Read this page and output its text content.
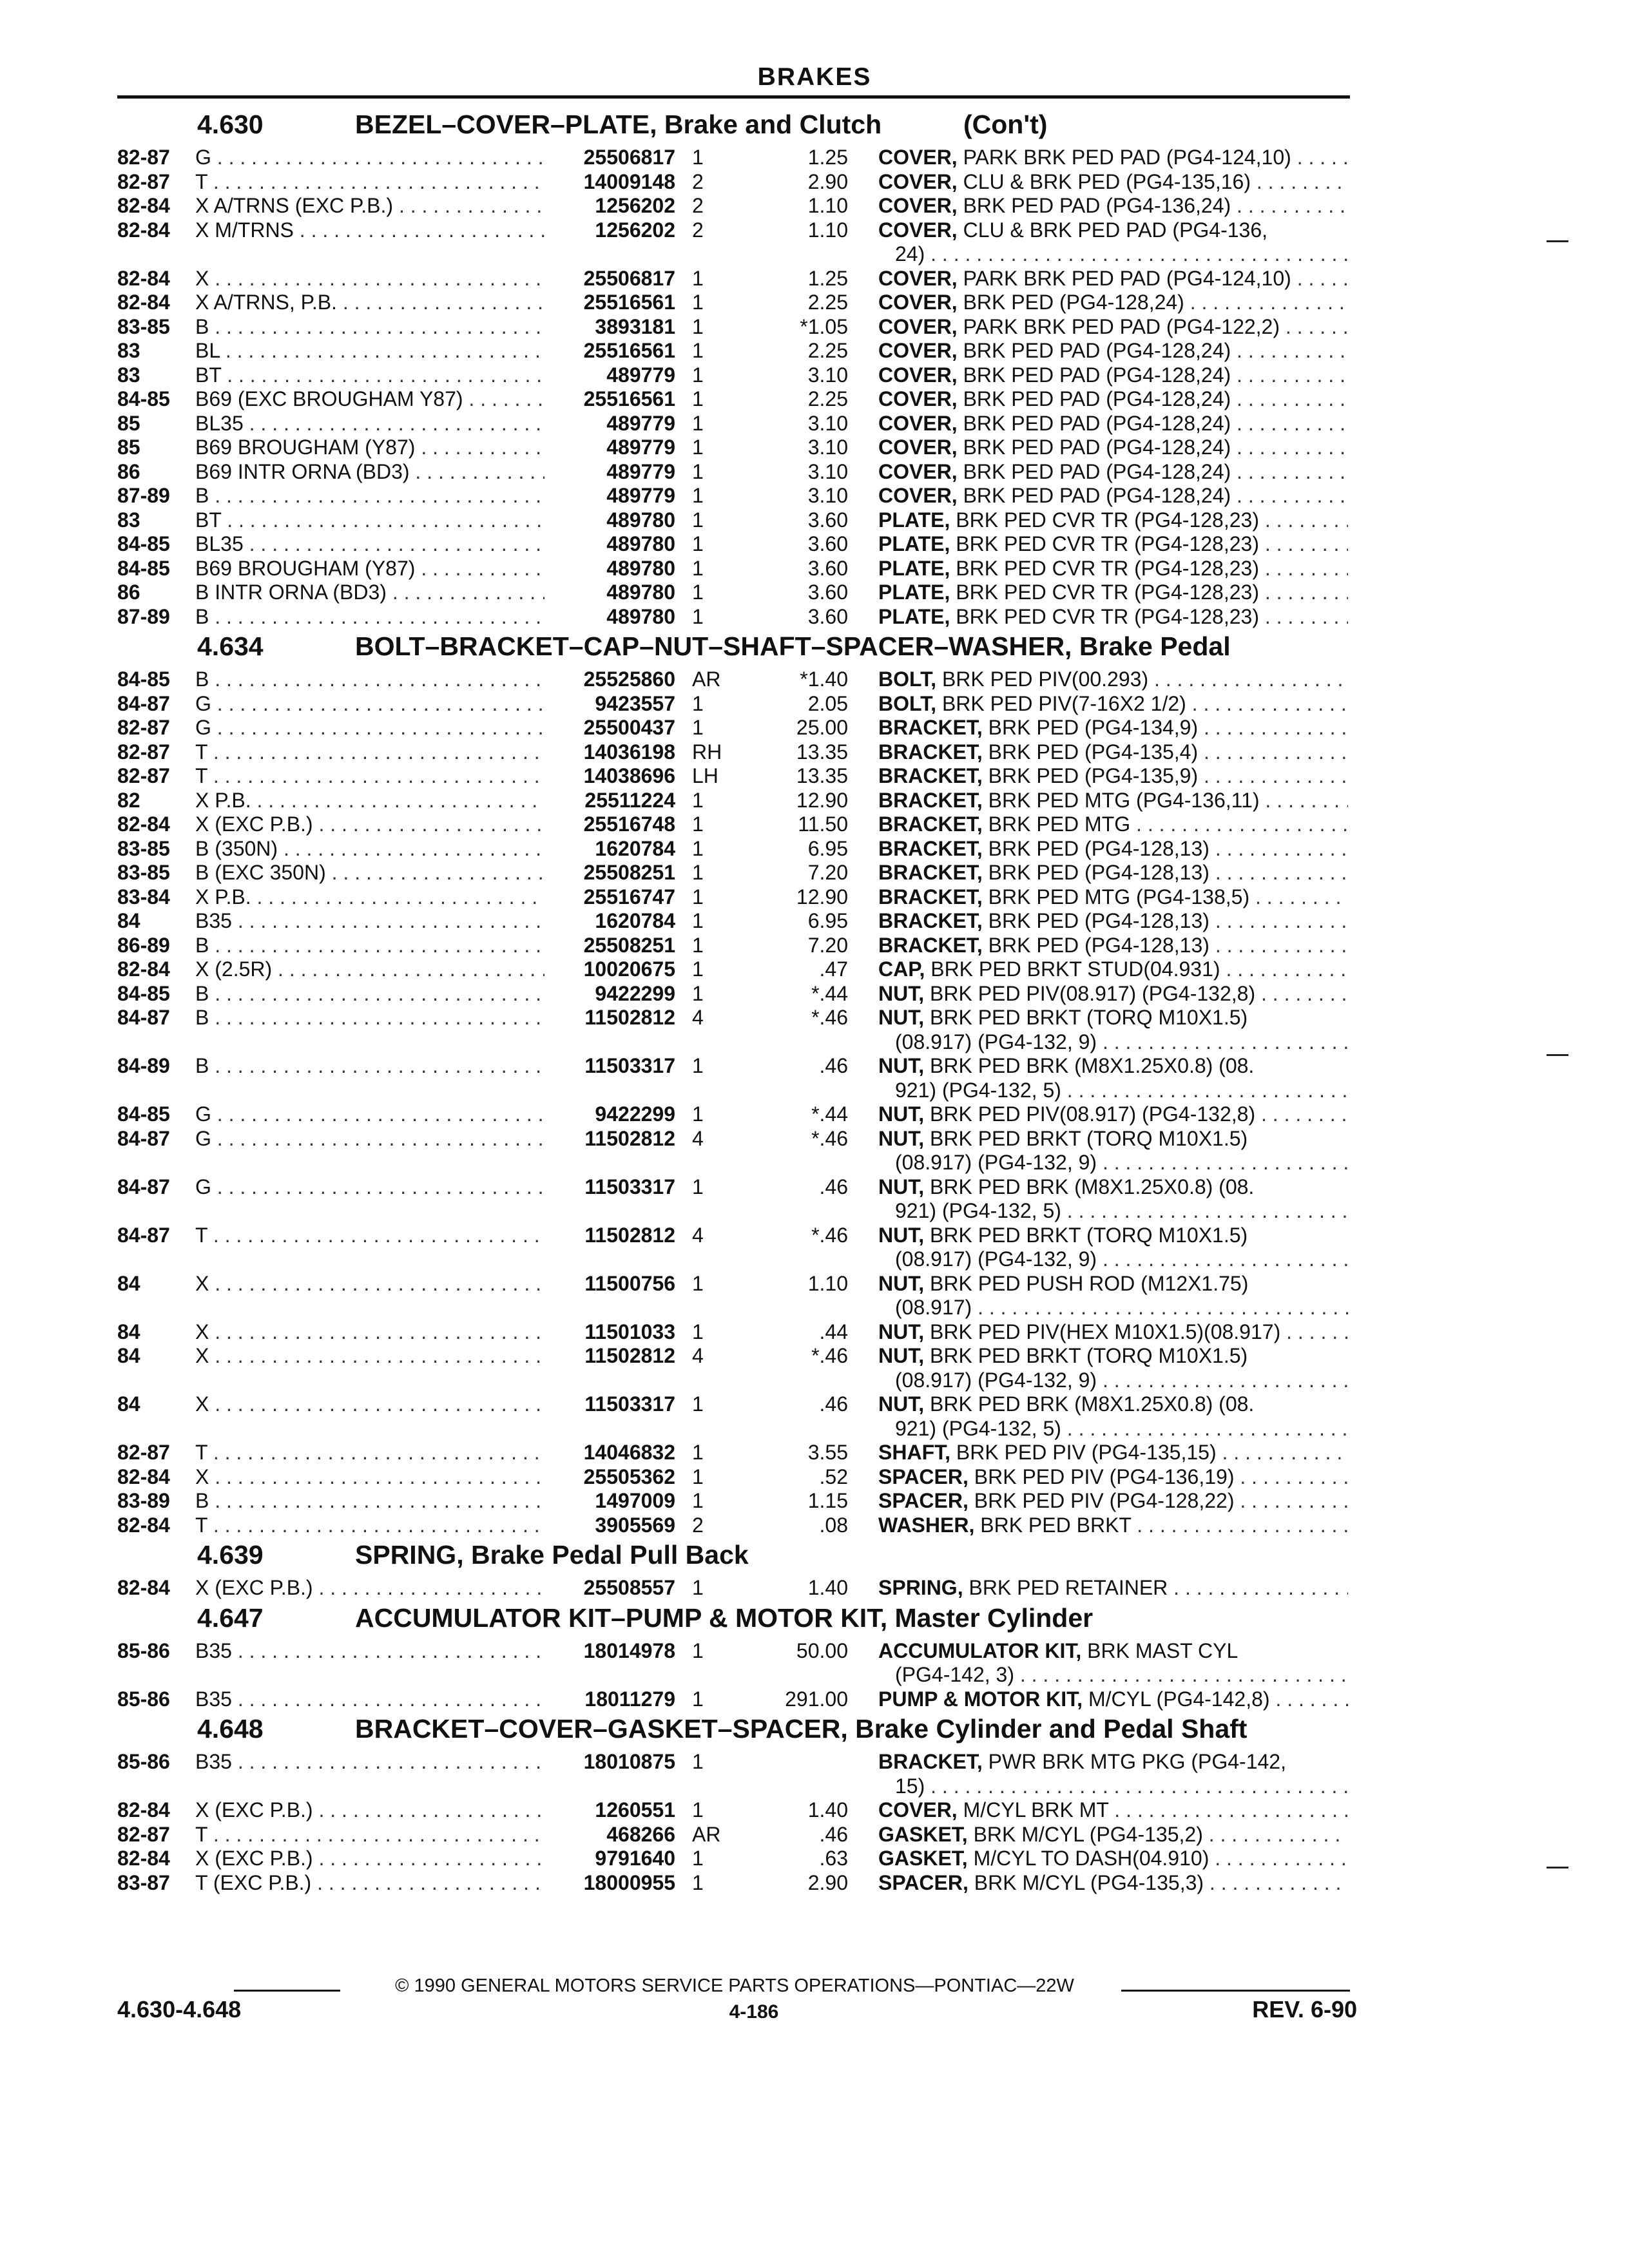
BRAKES
4.630	BEZEL–COVER–PLATE, Brake and Clutch	(Con't)
82-87 G . . .	25506817 1	1.25 COVER, PARK BRK PED PAD (PG4-124,10) . . .
82-87 T . . .	14009148 2	2.90 COVER, CLU & BRK PED (PG4-135,16) . . .
82-84 X A/TRNS (EXC P.B.) . . .	1256202 2	1.10 COVER, BRK PED PAD (PG4-136,24) . . .
82-84 X M/TRNS . . .	1256202 2	1.10 COVER, CLU & BRK PED PAD (PG4-136,
24) . . .
82-84 X . . .	25506817 1	1.25 COVER, PARK BRK PED PAD (PG4-124,10) . . .
82-84 X A/TRNS, P.B. . . .	25516561 1	2.25 COVER, BRK PED (PG4-128,24) . . .
83-85 B . . .	3893181 1	*1.05 COVER, PARK BRK PED PAD (PG4-122,2) . . .
83	BL . . .	25516561 1	2.25 COVER, BRK PED PAD (PG4-128,24) . . .
83	BT . . .	489779 1	3.10 COVER, BRK PED PAD (PG4-128,24) . . .
84-85 B69 (EXC BROUGHAM Y87) . . .	25516561 1	2.25 COVER, BRK PED PAD (PG4-128,24) . . .
85	BL35 . . .	489779 1	3.10 COVER, BRK PED PAD (PG4-128,24) . . .
85	B69 BROUGHAM (Y87) . . .	489779 1	3.10 COVER, BRK PED PAD (PG4-128,24) . . .
86	B69 INTR ORNA (BD3) . . .	489779 1	3.10 COVER, BRK PED PAD (PG4-128,24) . . .
87-89 B . . .	489779 1	3.10 COVER, BRK PED PAD (PG4-128,24) . . .
83	BT . . .	489780 1	3.60 PLATE, BRK PED CVR TR (PG4-128,23) . . .
84-85 BL35 . . .	489780 1	3.60 PLATE, BRK PED CVR TR (PG4-128,23) . . .
84-85 B69 BROUGHAM (Y87) . . .	489780 1	3.60 PLATE, BRK PED CVR TR (PG4-128,23) . . .
86	B INTR ORNA (BD3) . . .	489780 1	3.60 PLATE, BRK PED CVR TR (PG4-128,23) . . .
87-89 B . . .	489780 1	3.60 PLATE, BRK PED CVR TR (PG4-128,23) . . .
4.634	BOLT–BRACKET–CAP–NUT–SHAFT–SPACER–WASHER, Brake Pedal
84-85 B . . .	25525860 AR	*1.40 BOLT, BRK PED PIV(00.293) . . .
84-87 G . . .	9423557 1	2.05 BOLT, BRK PED PIV(7-16X2 1/2) . . .
82-87 G . . .	25500437 1	25.00 BRACKET, BRK PED (PG4-134,9) . . .
82-87 T . . .	14036198 RH	13.35 BRACKET, BRK PED (PG4-135,4) . . .
82-87 T . . .	14038696 LH	13.35 BRACKET, BRK PED (PG4-135,9) . . .
82	X P.B. . . .	25511224 1	12.90 BRACKET, BRK PED MTG (PG4-136,11) . . .
82-84 X (EXC P.B.) . . .	25516748 1	11.50 BRACKET, BRK PED MTG . . .
83-85 B (350N) . . .	1620784 1	6.95 BRACKET, BRK PED (PG4-128,13) . . .
83-85 B (EXC 350N) . . .	25508251 1	7.20 BRACKET, BRK PED (PG4-128,13) . . .
83-84 X P.B. . . .	25516747 1	12.90 BRACKET, BRK PED MTG (PG4-138,5) . . .
84	B35 . . .	1620784 1	6.95 BRACKET, BRK PED (PG4-128,13) . . .
86-89 B . . .	25508251 1	7.20 BRACKET, BRK PED (PG4-128,13) . . .
82-84 X (2.5R) . . .	10020675 1	.47 CAP, BRK PED BRKT STUD(04.931) . . .
84-85 B . . .	9422299 1	*.44 NUT, BRK PED PIV(08.917) (PG4-132,8) . . .
84-87 B . . .	11502812 4	*.46 NUT, BRK PED BRKT (TORQ M10X1.5)
(08.917) (PG4-132, 9) . . .
84-89 B . . .	11503317 1	.46 NUT, BRK PED BRK (M8X1.25X0.8) (08.
921) (PG4-132, 5) . . .
84-85 G . . .	9422299 1	*.44 NUT, BRK PED PIV(08.917) (PG4-132,8) . . .
84-87 G . . .	11502812 4	*.46 NUT, BRK PED BRKT (TORQ M10X1.5)
(08.917) (PG4-132, 9) . . .
84-87 G . . .	11503317 1	.46 NUT, BRK PED BRK (M8X1.25X0.8) (08.
921) (PG4-132, 5) . . .
84-87 T . . .	11502812 4	*.46 NUT, BRK PED BRKT (TORQ M10X1.5)
(08.917) (PG4-132, 9) . . .
84	X . . .	11500756 1	1.10 NUT, BRK PED PUSH ROD (M12X1.75)
(08.917) . . .
84	X . . .	11501033 1	.44 NUT, BRK PED PIV(HEX M10X1.5)(08.917) . . .
84	X . . .	11502812 4	*.46 NUT, BRK PED BRKT (TORQ M10X1.5)
(08.917) (PG4-132, 9) . . .
84	X . . .	11503317 1	.46 NUT, BRK PED BRK (M8X1.25X0.8) (08.
921) (PG4-132, 5) . . .
82-87 T . . .	14046832 1	3.55 SHAFT, BRK PED PIV (PG4-135,15) . . .
82-84 X . . .	25505362 1	.52 SPACER, BRK PED PIV (PG4-136,19) . . .
83-89 B . . .	1497009 1	1.15 SPACER, BRK PED PIV (PG4-128,22) . . .
82-84 T . . .	3905569 2	.08 WASHER, BRK PED BRKT . . .
4.639	SPRING, Brake Pedal Pull Back
82-84 X (EXC P.B.) . . .	25508557 1	1.40 SPRING, BRK PED RETAINER . . .
4.647	ACCUMULATOR KIT–PUMP & MOTOR KIT, Master Cylinder
85-86 B35 . . .	18014978 1	50.00 ACCUMULATOR KIT, BRK MAST CYL
(PG4-142, 3) . . .
85-86 B35 . . .	18011279 1	291.00 PUMP & MOTOR KIT, M/CYL (PG4-142,8) . . .
4.648	BRACKET–COVER–GASKET–SPACER, Brake Cylinder and Pedal Shaft
85-86 B35 . . .	18010875 1	BRACKET, PWR BRK MTG PKG (PG4-142,
15) . . .
82-84 X (EXC P.B.) . . .	1260551 1	1.40 COVER, M/CYL BRK MT . . .
82-87 T . . .	468266 AR	.46 GASKET, BRK M/CYL (PG4-135,2) . . .
82-84 X (EXC P.B.) . . .	9791640 1	.63 GASKET, M/CYL TO DASH(04.910) . . .
83-87 T (EXC P.B.) . . .	18000955 1	2.90 SPACER, BRK M/CYL (PG4-135,3) . . .
© 1990 GENERAL MOTORS SERVICE PARTS OPERATIONS—PONTIAC—22W
4.630-4.648	4-186	REV. 6-90
